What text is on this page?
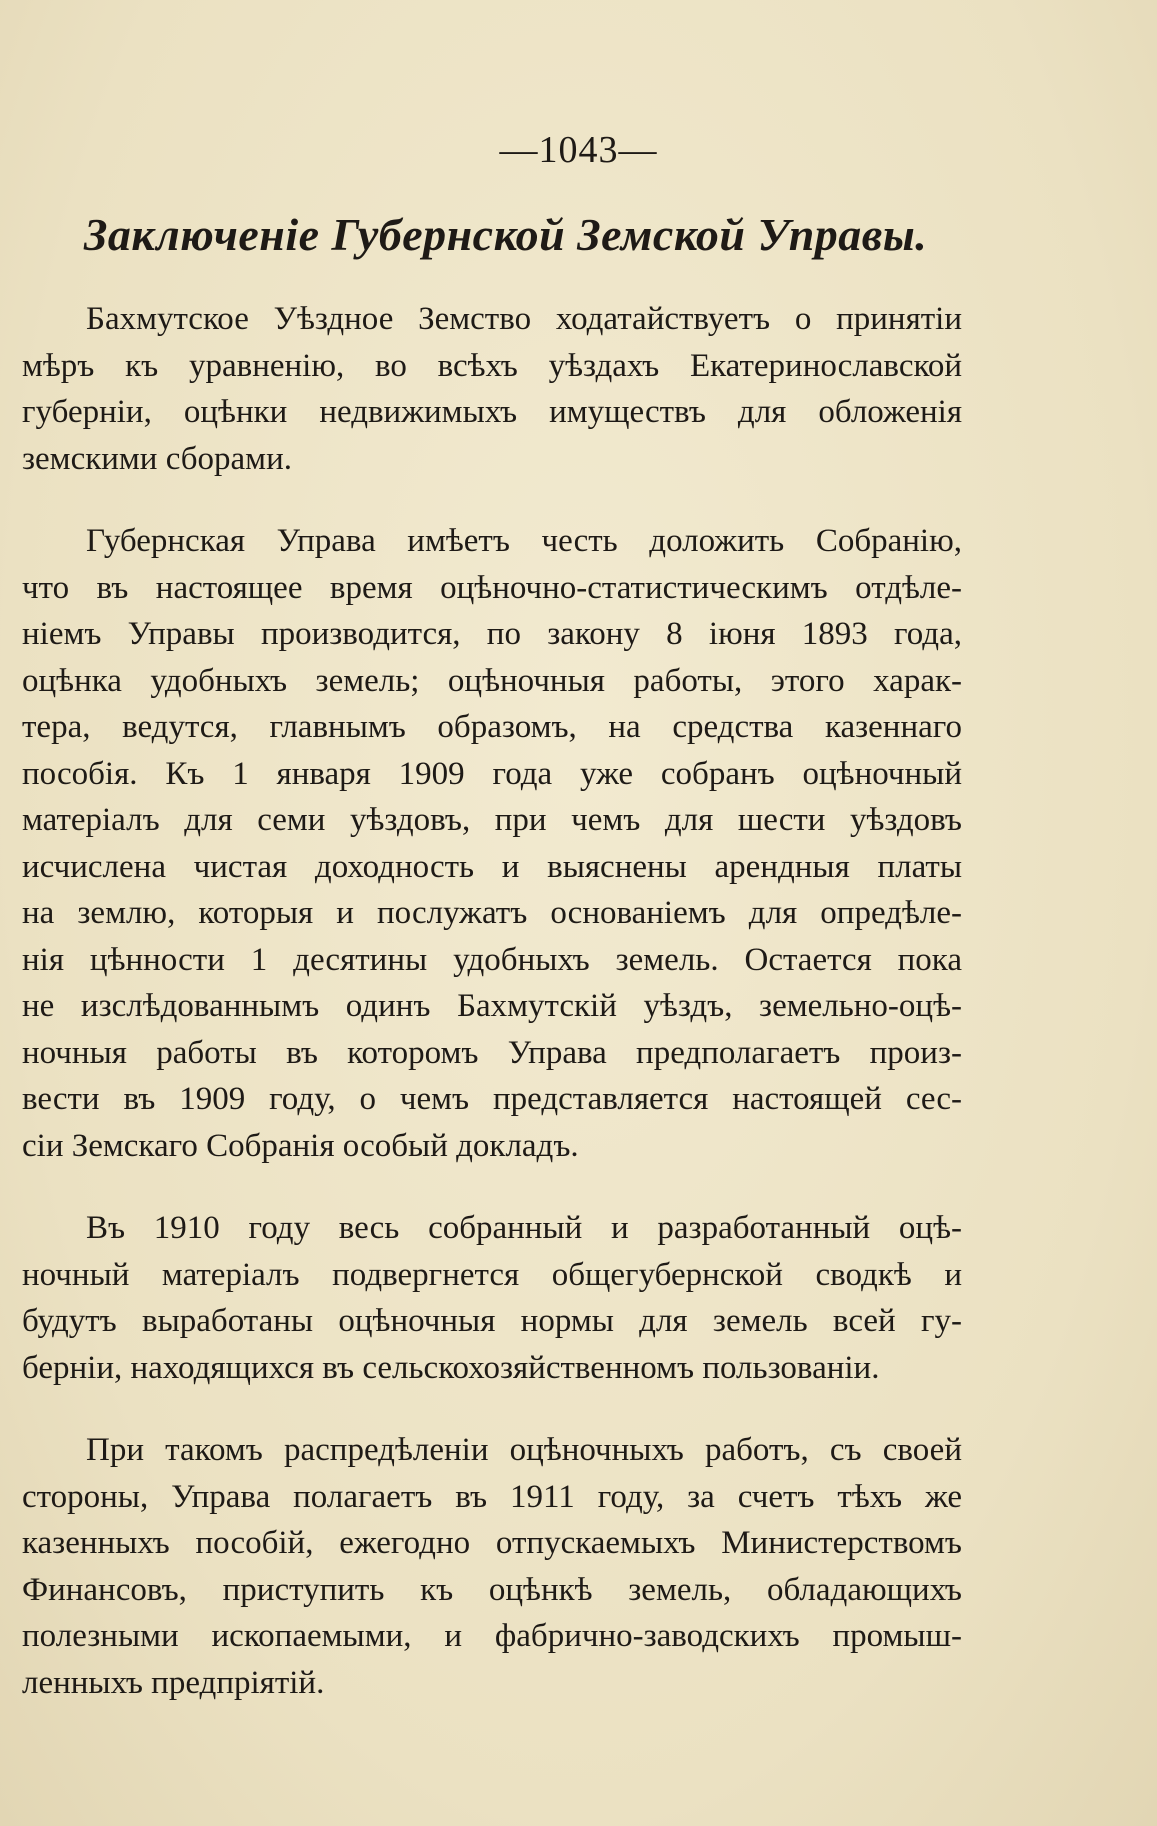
—1043—
Заключеніе Губернской Земской Управы.
Бахмутское Уѣздное Земство ходатайствуетъ о принятіи
мѣръ къ уравненію, во всѣхъ уѣздахъ Екатеринославской
губерніи, оцѣнки недвижимыхъ имуществъ для обложенія
земскими сборами.
Губернская Управа имѣетъ честь доложить Собранію,
что въ настоящее время оцѣночно-статистическимъ отдѣле-
ніемъ Управы производится, по закону 8 іюня 1893 года,
оцѣнка удобныхъ земель; оцѣночныя работы, этого харак-
тера, ведутся, главнымъ образомъ, на средства казеннаго
пособія. Къ 1 января 1909 года уже собранъ оцѣночный
матеріалъ для семи уѣздовъ, при чемъ для шести уѣздовъ
исчислена чистая доходность и выяснены арендныя платы
на землю, которыя и послужатъ основаніемъ для опредѣле-
нія цѣнности 1 десятины удобныхъ земель. Остается пока
не изслѣдованнымъ одинъ Бахмутскій уѣздъ, земельно-оцѣ-
ночныя работы въ которомъ Управа предполагаетъ произ-
вести въ 1909 году, о чемъ представляется настоящей сес-
сіи Земскаго Собранія особый докладъ.
Въ 1910 году весь собранный и разработанный оцѣ-
ночный матеріалъ подвергнется общегубернской сводкѣ и
будутъ выработаны оцѣночныя нормы для земель всей гу-
берніи, находящихся въ сельскохозяйственномъ пользованіи.
При такомъ распредѣленіи оцѣночныхъ работъ, съ своей
стороны, Управа полагаетъ въ 1911 году, за счетъ тѣхъ же
казенныхъ пособій, ежегодно отпускаемыхъ Министерствомъ
Финансовъ, приступить къ оцѣнкѣ земель, обладающихъ
полезными ископаемыми, и фабрично-заводскихъ промыш-
ленныхъ предпріятій.
